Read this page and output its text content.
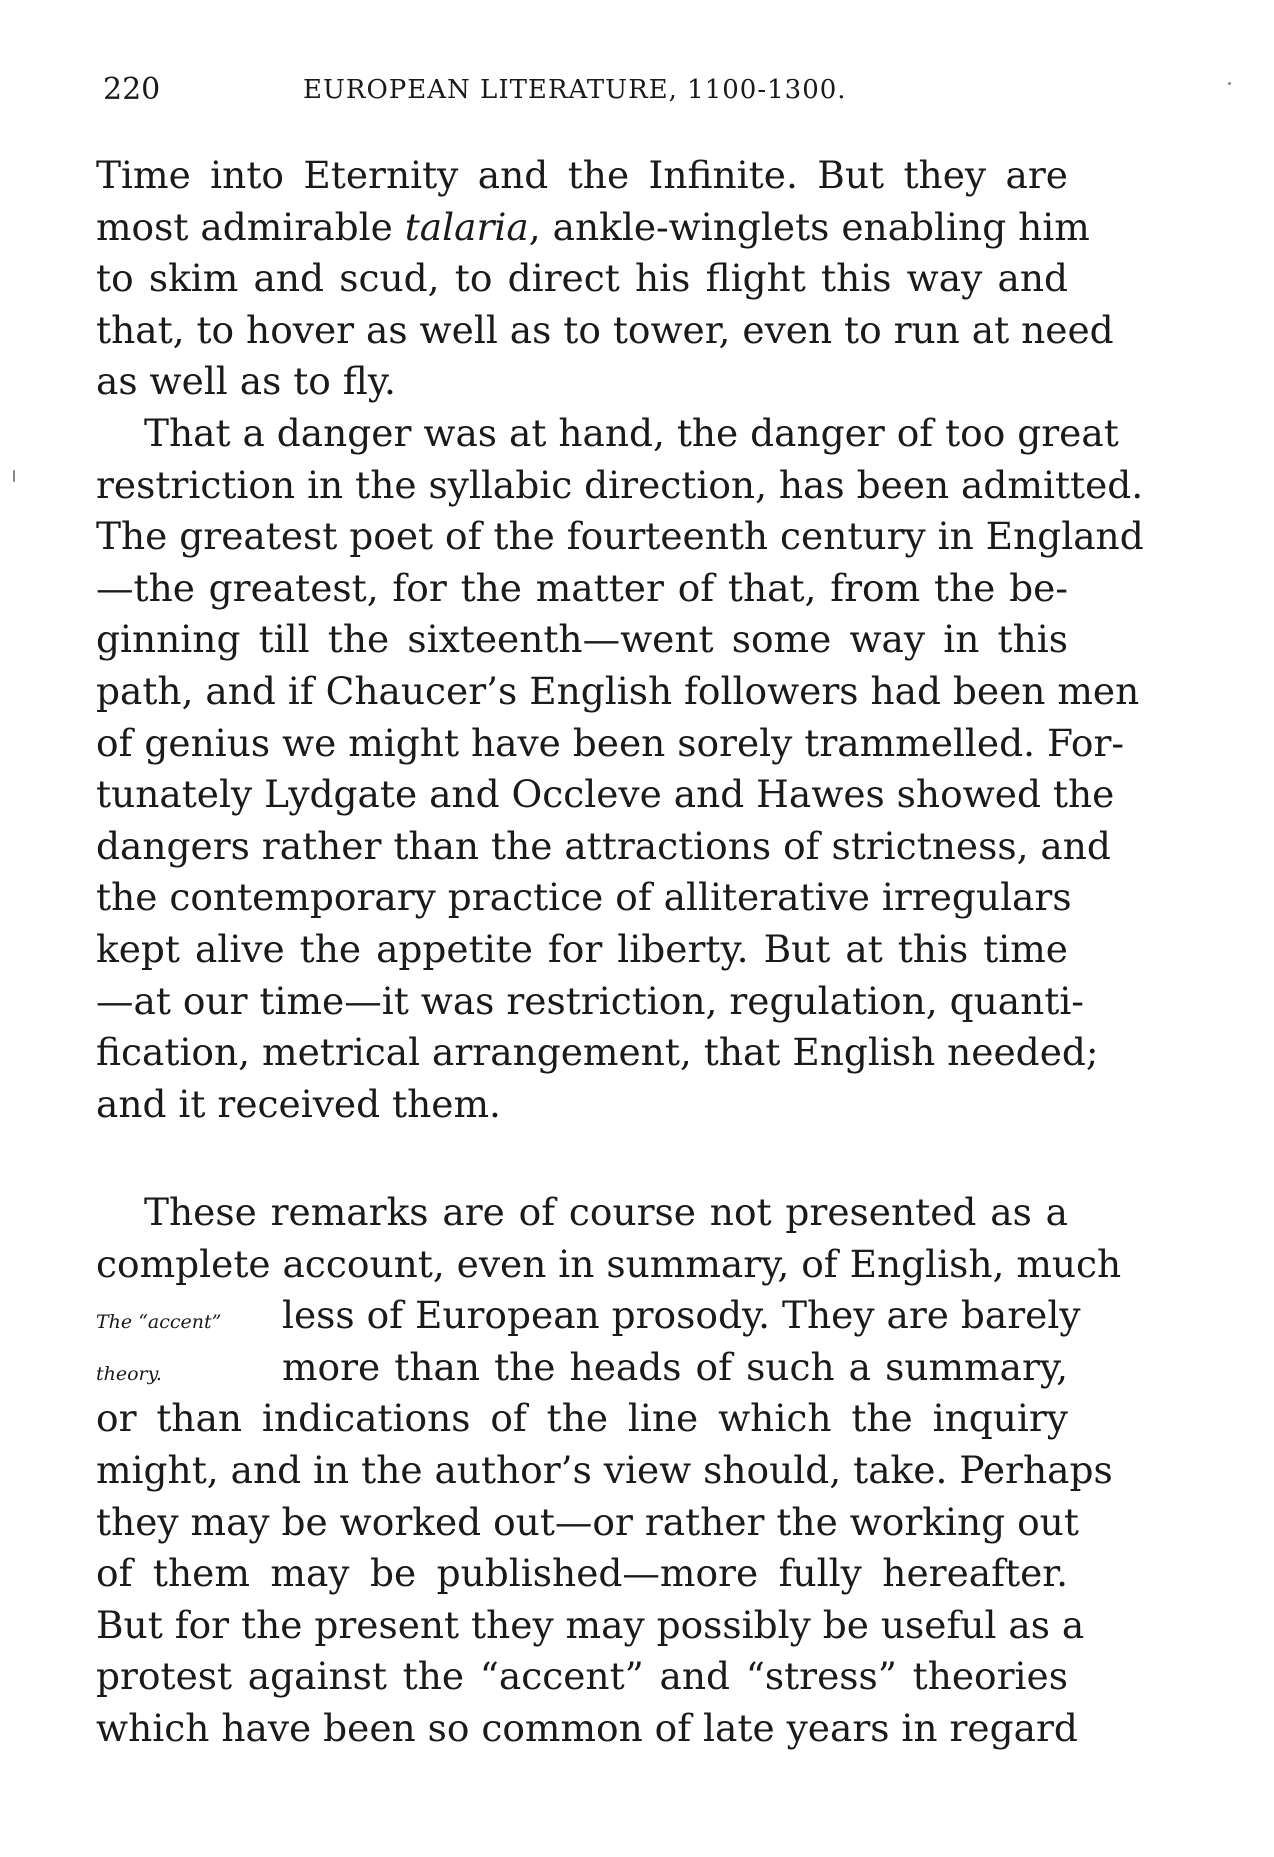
220	EUROPEAN LITERATURE, 1100-1300.
Time into Eternity and the Infinite. But they are
most admirable talaria, ankle-winglets enabling him
to skim and scud, to direct his flight this way and
that, to hover as well as to tower, even to run at need
as well as to fly.
That a danger was at hand, the danger of too great
restriction in the syllabic direction, has been admitted.
The greatest poet of the fourteenth century in England
—the greatest, for the matter of that, from the be-
ginning till the sixteenth—went some way in this
path, and if Chaucer’s English followers had been men
of genius we might have been sorely trammelled. For-
tunately Lydgate and Occleve and Hawes showed the
dangers rather than the attractions of strictness, and
the contemporary practice of alliterative irregulars
kept alive the appetite for liberty. But at this time
—at our time—it was restriction, regulation, quanti-
fication, metrical arrangement, that English needed;
and it received them.
These remarks are of course not presented as a
complete account, even in summary, of English, much
The “accent”	less of European prosody. They are barely
theory.	more than the heads of such a summary,
or than indications of the line which the inquiry
might, and in the author’s view should, take. Perhaps
they may be worked out—or rather the working out
of them may be published—more fully hereafter.
But for the present they may possibly be useful as a
protest against the “accent” and “stress” theories
which have been so common of late years in regard
